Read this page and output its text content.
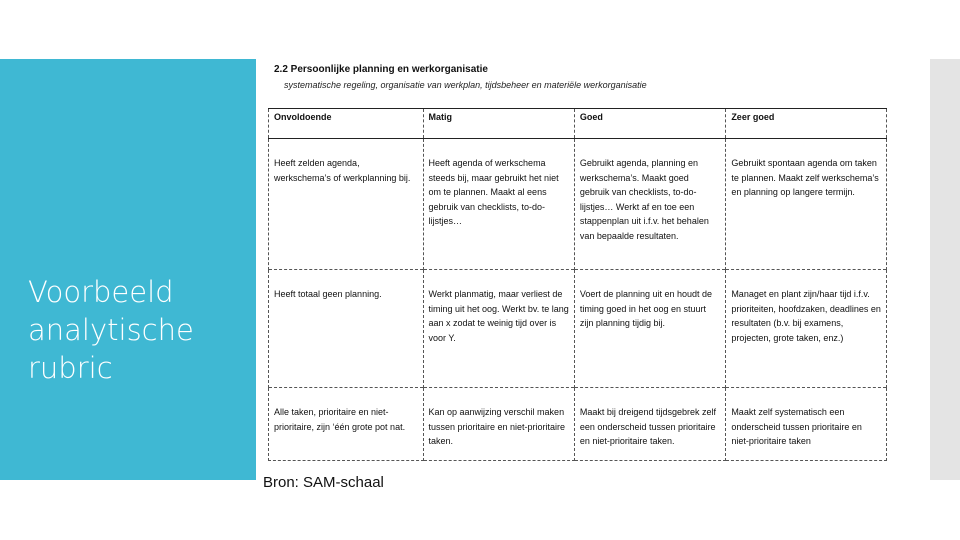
Voorbeeld
analytische
rubric
2.2 Persoonlijke planning en werkorganisatie
systematische regeling, organisatie van werkplan, tijdsbeheer en materiële werkorganisatie
Onvoldoende	Matig	Goed	Zeer goed
Heeft zelden agenda, werkschema’s of werkplanning bij.	Heeft agenda of werkschema steeds bij, maar gebruikt het niet om te plannen. Maakt al eens gebruik van checklists, to-do-lijstjes…	Gebruikt agenda, planning en werkschema’s. Maakt goed gebruik van checklists, to-do-lijstjes… Werkt af en toe een stappenplan uit i.f.v. het behalen van bepaalde resultaten.	Gebruikt spontaan agenda om taken te plannen. Maakt zelf werkschema’s en planning op langere termijn.
Heeft totaal geen planning.	Werkt planmatig, maar verliest de timing uit het oog. Werkt bv. te lang aan x zodat te weinig tijd over is voor Y.	Voert de planning uit en houdt de timing goed in het oog en stuurt zijn planning tijdig bij.	Managet en plant zijn/haar tijd i.f.v. prioriteiten, hoofdzaken, deadlines en resultaten (b.v. bij examens, projecten, grote taken, enz.)
Alle taken, prioritaire en niet-prioritaire, zijn ‘één grote pot nat.	Kan op aanwijzing verschil maken tussen prioritaire en niet-prioritaire taken.	Maakt bij dreigend tijdsgebrek zelf een onderscheid tussen prioritaire en niet-prioritaire taken.	Maakt zelf systematisch een onderscheid tussen prioritaire en niet-prioritaire taken
Bron: SAM-schaal
